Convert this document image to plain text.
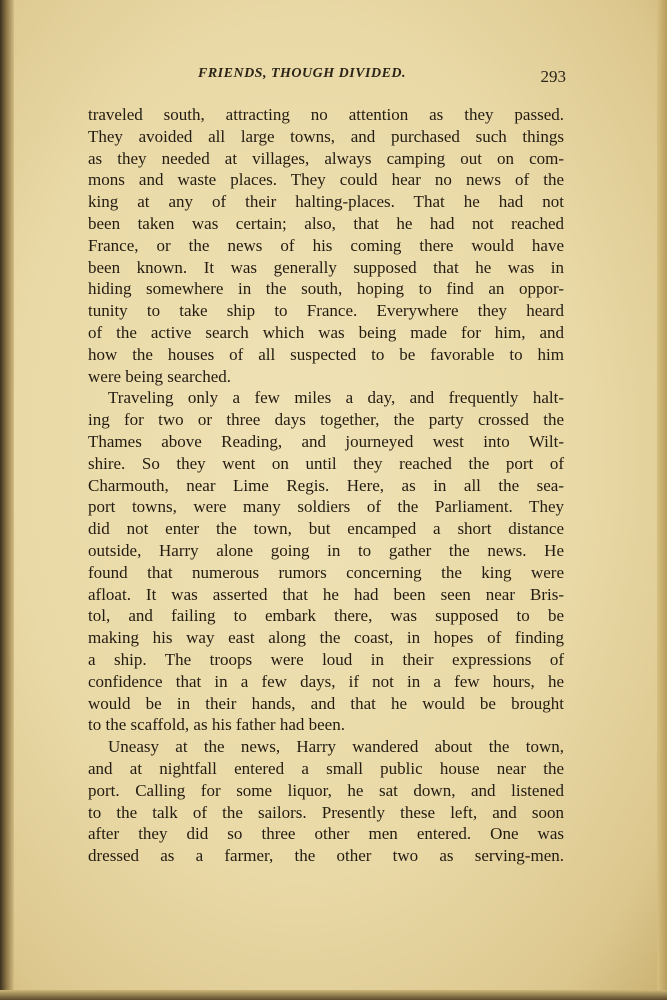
FRIENDS, THOUGH DIVIDED.	293
traveled south, attracting no attention as they passed.
They avoided all large towns, and purchased such things
as they needed at villages, always camping out on com-
mons and waste places. They could hear no news of the
king at any of their halting-places. That he had not
been taken was certain; also, that he had not reached
France, or the news of his coming there would have
been known. It was generally supposed that he was in
hiding somewhere in the south, hoping to find an oppor-
tunity to take ship to France. Everywhere they heard
of the active search which was being made for him, and
how the houses of all suspected to be favorable to him
were being searched.
Traveling only a few miles a day, and frequently halt-
ing for two or three days together, the party crossed the
Thames above Reading, and journeyed west into Wilt-
shire. So they went on until they reached the port of
Charmouth, near Lime Regis. Here, as in all the sea-
port towns, were many soldiers of the Parliament. They
did not enter the town, but encamped a short distance
outside, Harry alone going in to gather the news. He
found that numerous rumors concerning the king were
afloat. It was asserted that he had been seen near Bris-
tol, and failing to embark there, was supposed to be
making his way east along the coast, in hopes of finding
a ship. The troops were loud in their expressions of
confidence that in a few days, if not in a few hours, he
would be in their hands, and that he would be brought
to the scaffold, as his father had been.
Uneasy at the news, Harry wandered about the town,
and at nightfall entered a small public house near the
port. Calling for some liquor, he sat down, and listened
to the talk of the sailors. Presently these left, and soon
after they did so three other men entered. One was
dressed as a farmer, the other two as serving-men.
